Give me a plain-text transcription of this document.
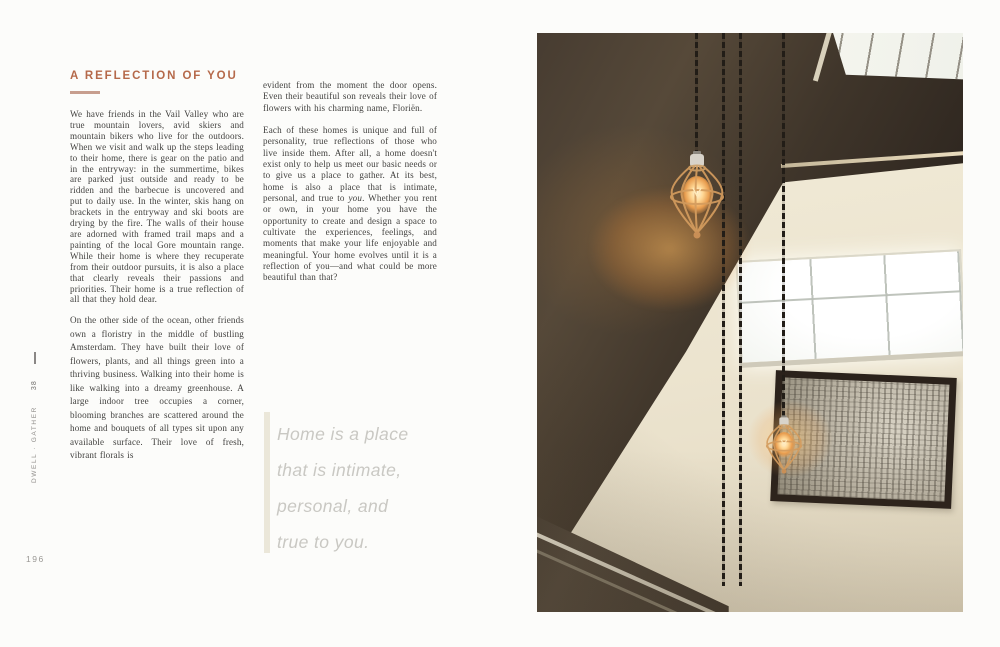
DWELL · GATHER
38
196
A REFLECTION OF YOU

We have friends in the Vail Valley who are true mountain lovers, avid skiers and mountain bikers who live for the outdoors. When we visit and walk up the steps leading to their home, there is gear on the patio and in the entryway: in the summertime, bikes are parked just outside and ready to be ridden and the barbecue is uncovered and put to daily use. In the winter, skis hang on brackets in the entryway and ski boots are drying by the fire. The walls of their house are adorned with framed trail maps and a painting of the local Gore mountain range. While their home is where they recuperate from their outdoor pursuits, it is also a place that clearly reveals their passions and priorities. Their home is a true reflection of all that they hold dear.

On the other side of the ocean, other friends own a floristry in the middle of bustling Amsterdam. They have built their love of flowers, plants, and all things green into a thriving business. Walking into their home is like walking into a dreamy greenhouse. A large indoor tree occupies a corner, blooming branches are scattered around the home and bouquets of all types sit upon any available surface. Their love of fresh, vibrant florals is

evident from the moment the door opens. Even their beautiful son reveals their love of flowers with his charming name, Floriën.

Each of these homes is unique and full of personality, true reflections of those who live inside them. After all, a home doesn't exist only to help us meet our basic needs or to give us a place to gather. At its best, home is also a place that is intimate, personal, and true to you. Whether you rent or own, in your home you have the opportunity to create and design a space to cultivate the experiences, feelings, and moments that make your life enjoyable and meaningful. Your home evolves until it is a reflection of you—and what could be more beautiful than that?

Home is a place
that is intimate,
personal, and
true to you.
